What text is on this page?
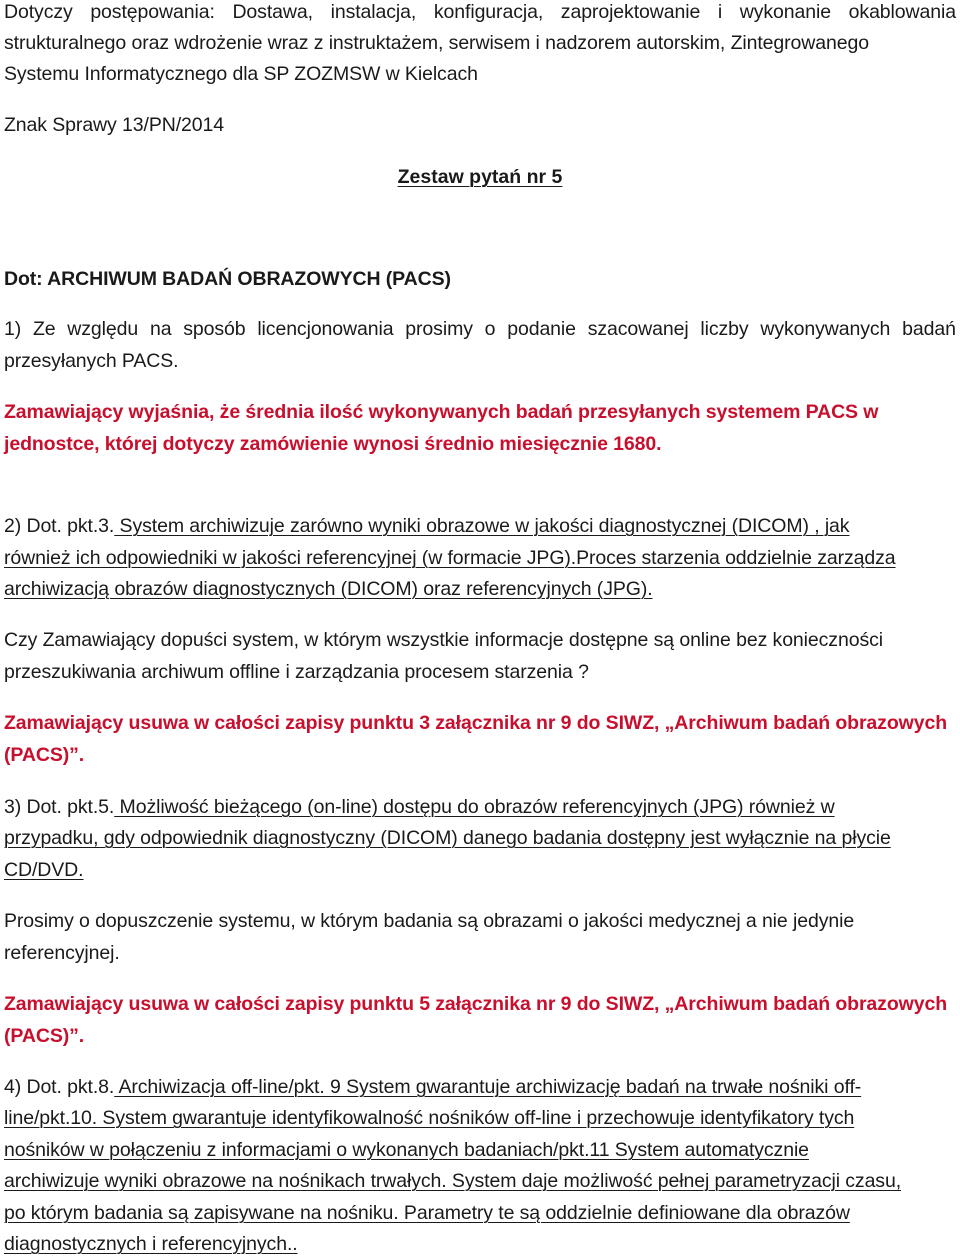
Dotyczy postępowania: Dostawa, instalacja, konfiguracja, zaprojektowanie i wykonanie okablowania
strukturalnego oraz wdrożenie wraz z instruktażem, serwisem i nadzorem autorskim, Zintegrowanego
Systemu Informatycznego dla SP ZOZMSW w Kielcach
Znak Sprawy 13/PN/2014
Zestaw pytań nr 5
Dot: ARCHIWUM BADAŃ OBRAZOWYCH (PACS)
1) Ze względu na sposób licencjonowania prosimy o podanie szacowanej liczby wykonywanych badań
przesyłanych PACS.
Zamawiający wyjaśnia, że średnia ilość wykonywanych badań przesyłanych systemem PACS w
jednostce, której dotyczy zamówienie wynosi średnio miesięcznie 1680.
2) Dot. pkt.3. System archiwizuje zarówno wyniki obrazowe w jakości diagnostycznej (DICOM) , jak
również ich odpowiedniki w jakości referencyjnej (w formacie JPG).Proces starzenia oddzielnie zarządza
archiwizacją obrazów diagnostycznych (DICOM) oraz referencyjnych (JPG).
Czy Zamawiający dopuści system, w którym wszystkie informacje dostępne są online bez konieczności
przeszukiwania archiwum offline i zarządzania procesem starzenia ?
Zamawiający usuwa w całości zapisy punktu 3 załącznika nr 9 do SIWZ, „Archiwum badań obrazowych
(PACS)”.
3) Dot. pkt.5. Możliwość bieżącego (on-line) dostępu do obrazów referencyjnych (JPG) również w
przypadku, gdy odpowiednik diagnostyczny (DICOM) danego badania dostępny jest wyłącznie na płycie
CD/DVD.
Prosimy o dopuszczenie systemu, w którym badania są obrazami o jakości medycznej a nie jedynie
referencyjnej.
Zamawiający usuwa w całości zapisy punktu 5 załącznika nr 9 do SIWZ, „Archiwum badań obrazowych
(PACS)”.
4) Dot. pkt.8. Archiwizacja off-line/pkt. 9 System gwarantuje archiwizację badań na trwałe nośniki off-
line/pkt.10. System gwarantuje identyfikowalność nośników off-line i przechowuje identyfikatory tych
nośników w połączeniu z informacjami o wykonanych badaniach/pkt.11 System automatycznie
archiwizuje wyniki obrazowe na nośnikach trwałych. System daje możliwość pełnej parametryzacji czasu,
po którym badania są zapisywane na nośniku. Parametry te są oddzielnie definiowane dla obrazów
diagnostycznych i referencyjnych..
